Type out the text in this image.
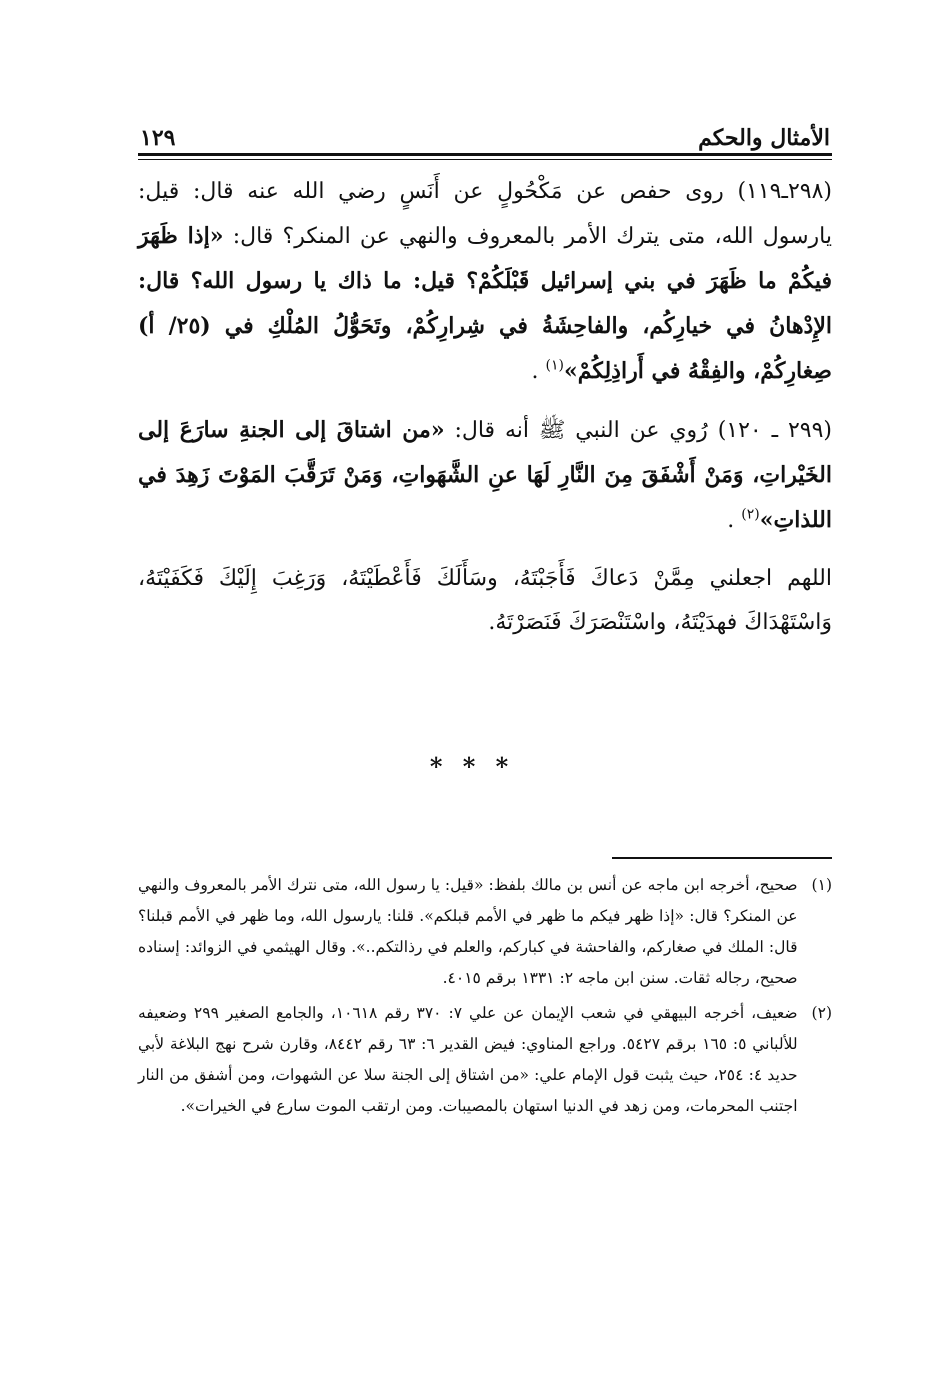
الأمثال والحكم
١٢٩

(٢٩٨ـ١١٩) روى حفص عن مَكْحُولٍ عن أَنَسٍ رضي الله عنه قال: قيل: يارسول الله، متى يترك الأمر بالمعروف والنهي عن المنكر؟ قال: «إذا ظَهَرَ فيكُمْ ما ظَهَرَ في بني إسرائيل قَبْلَكُمْ؟ قيل: ما ذاك يا رسول الله؟ قال: الإِدْهانُ في خيارِكُم، والفاحِشَةُ في شِرارِكُمْ، وتَحَوُّلُ المُلْكِ في (٢٥/ أ) صِغارِكُمْ، والفِقْهُ في أَراذِلِكُمْ»$^{(١)}$ .

(٢٩٩ ـ ١٢٠) رُوي عن النبي ﷺ أنه قال: «من اشتاقَ إلى الجنةِ سارَعَ إلى الخَيْراتِ، وَمَنْ أَشْفَقَ مِنَ النَّارِ لَهَا عنِ الشَّهَواتِ، وَمَنْ تَرَقَّبَ المَوْتَ زَهِدَ في اللذاتِ»$^{(٢)}$ .

اللهم اجعلني مِمَّنْ دَعاكَ فَأَجَبْتَهُ، وسَأَلَكَ فَأَعْطَيْتَهُ، وَرَغِبَ إِلَيْكَ فَكَفَيْتَهُ، وَاسْتَهْدَاكَ فهدَيْتَهُ، واسْتَنْصَرَكَ فَنَصَرْتَهُ.

* * *
(١)
صحيح، أخرجه ابن ماجه عن أنس بن مالك بلفظ: «قيل: يا رسول الله، متى نترك الأمر بالمعروف والنهي عن المنكر؟ قال: «إذا ظهر فيكم ما ظهر في الأمم قبلكم». قلنا: يارسول الله، وما ظهر في الأمم قبلنا؟ قال: الملك في صغاركم، والفاحشة في كباركم، والعلم في رذالتكم..». وقال الهيثمي في الزوائد: إسناده صحيح، رجاله ثقات. سنن ابن ماجه ٢: ١٣٣١ برقم ٤٠١٥.
(٢)
ضعيف، أخرجه البيهقي في شعب الإيمان عن علي ٧: ٣٧٠ رقم ١٠٦١٨، والجامع الصغير ٢٩٩ وضعيفه للألباني ٥: ١٦٥ برقم ٥٤٢٧. وراجع المناوي: فيض القدير ٦: ٦٣ رقم ٨٤٤٢، وقارن شرح نهج البلاغة لأبي حديد ٤: ٢٥٤، حيث يثبت قول الإمام علي: «من اشتاق إلى الجنة سلا عن الشهوات، ومن أشفق من النار اجتنب المحرمات، ومن زهد في الدنيا استهان بالمصيبات. ومن ارتقب الموت سارع في الخيرات».
